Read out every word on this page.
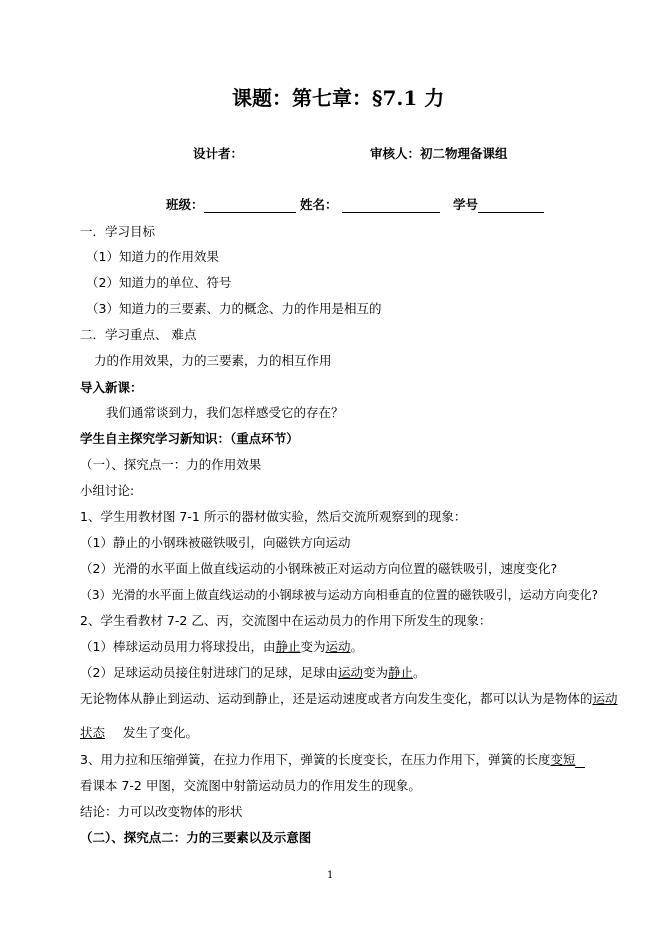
课题：第七章：§7.1 力
设计者：	审核人：初二物理备课组
班级：	姓名：	学号
一．学习目标
（1）知道力的作用效果
（2）知道力的单位、符号
（3）知道力的三要素、力的概念、力的作用是相互的
二．学习重点、 难点
力的作用效果，力的三要素，力的相互作用
导入新课：
我们通常谈到力，我们怎样感受它的存在？
学生自主探究学习新知识：（重点环节）
（一）、探究点一：力的作用效果
小组讨论:
1、学生用教材图 7-1 所示的器材做实验，然后交流所观察到的现象：
（1）静止的小钢珠被磁铁吸引，向磁铁方向运动
（2）光滑的水平面上做直线运动的小钢珠被正对运动方向位置的磁铁吸引，速度变化?
（3）光滑的水平面上做直线运动的小钢球被与运动方向相垂直的位置的磁铁吸引，运动方向变化?
2、学生看教材 7-2 乙、丙，交流图中在运动员力的作用下所发生的现象：
（1）棒球运动员用力将球投出，由静止变为运动。
（2）足球运动员接住射进球门的足球，足球由运动变为静止。
无论物体从静止到运动、运动到静止，还是运动速度或者方向发生变化，都可以认为是物体的运动
状态 发生了变化。
3、用力拉和压缩弹簧，在拉力作用下，弹簧的长度变长，在压力作用下，弹簧的长度变短
看课本 7-2 甲图，交流图中射箭运动员力的作用发生的现象。
结论：力可以改变物体的形状
（二）、探究点二：力的三要素以及示意图
1
